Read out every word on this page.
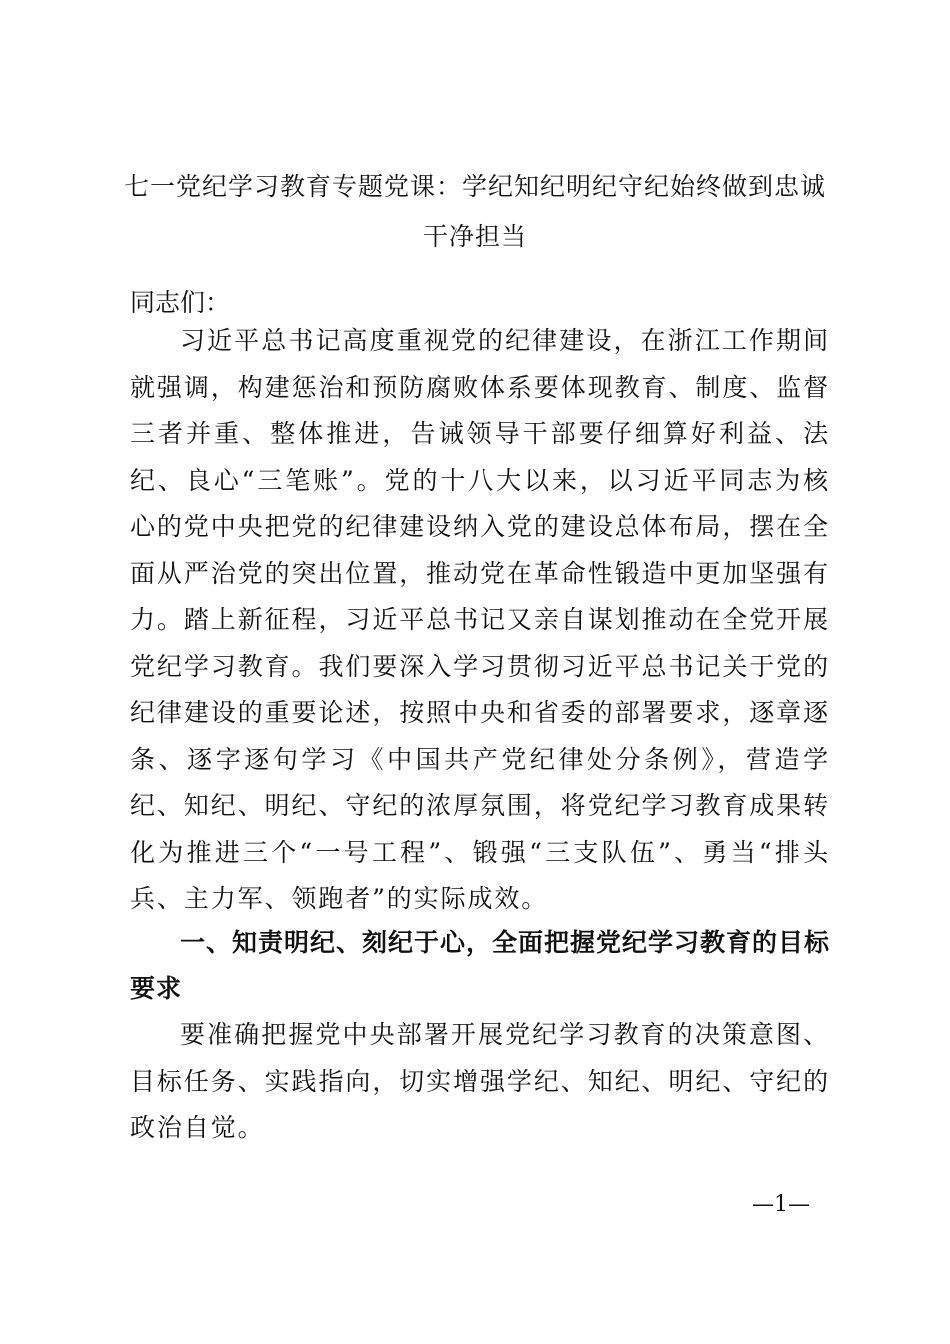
七一党纪学习教育专题党课：学纪知纪明纪守纪始终做到忠诚干净担当
同志们：
习近平总书记高度重视党的纪律建设，在浙江工作期间就强调，构建惩治和预防腐败体系要体现教育、制度、监督三者并重、整体推进，告诫领导干部要仔细算好利益、法纪、良心“三笔账”。党的十八大以来，以习近平同志为核心的党中央把党的纪律建设纳入党的建设总体布局，摆在全面从严治党的突出位置，推动党在革命性锻造中更加坚强有力。踏上新征程，习近平总书记又亲自谋划推动在全党开展党纪学习教育。我们要深入学习贯彻习近平总书记关于党的纪律建设的重要论述，按照中央和省委的部署要求，逐章逐条、逐字逐句学习《中国共产党纪律处分条例》，营造学纪、知纪、明纪、守纪的浓厚氛围，将党纪学习教育成果转化为推进三个“一号工程”、锻强“三支队伍”、勇当“排头兵、主力军、领跑者”的实际成效。
一、知责明纪、刻纪于心，全面把握党纪学习教育的目标要求
要准确把握党中央部署开展党纪学习教育的决策意图、目标任务、实践指向，切实增强学纪、知纪、明纪、守纪的政治自觉。
—1—
